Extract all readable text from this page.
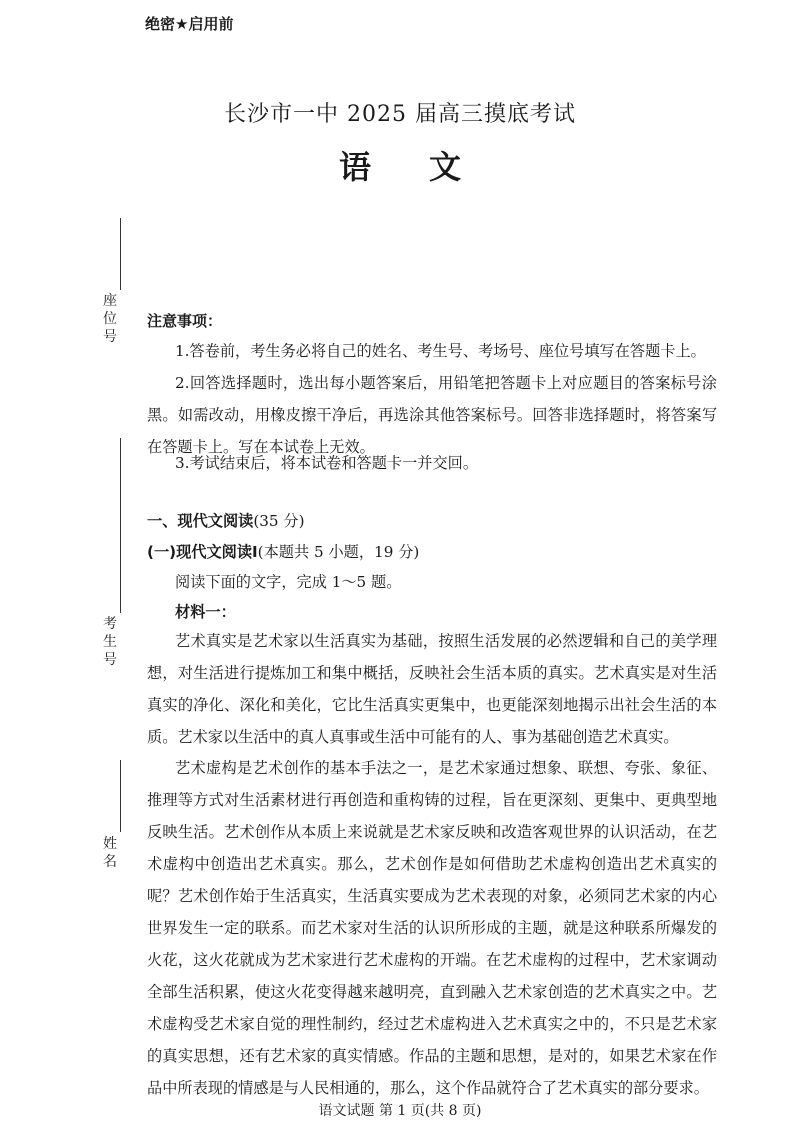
绝密★启用前
长沙市一中 2025 届高三摸底考试
语文
座位号
考生号
姓名
注意事项：
1.答卷前，考生务必将自己的姓名、考生号、考场号、座位号填写在答题卡上。
2.回答选择题时，选出每小题答案后，用铅笔把答题卡上对应题目的答案标号涂黑。如需改动，用橡皮擦干净后，再选涂其他答案标号。回答非选择题时，将答案写在答题卡上。写在本试卷上无效。
3.考试结束后，将本试卷和答题卡一并交回。
一、现代文阅读(35 分)
(一)现代文阅读Ⅰ(本题共 5 小题，19 分)
阅读下面的文字，完成 1～5 题。
材料一：
艺术真实是艺术家以生活真实为基础，按照生活发展的必然逻辑和自己的美学理想，对生活进行提炼加工和集中概括，反映社会生活本质的真实。艺术真实是对生活真实的净化、深化和美化，它比生活真实更集中，也更能深刻地揭示出社会生活的本质。艺术家以生活中的真人真事或生活中可能有的人、事为基础创造艺术真实。
艺术虚构是艺术创作的基本手法之一，是艺术家通过想象、联想、夸张、象征、推理等方式对生活素材进行再创造和重构铸的过程，旨在更深刻、更集中、更典型地反映生活。艺术创作从本质上来说就是艺术家反映和改造客观世界的认识活动，在艺术虚构中创造出艺术真实。那么，艺术创作是如何借助艺术虚构创造出艺术真实的呢？艺术创作始于生活真实，生活真实要成为艺术表现的对象，必须同艺术家的内心世界发生一定的联系。而艺术家对生活的认识所形成的主题，就是这种联系所爆发的火花，这火花就成为艺术家进行艺术虚构的开端。在艺术虚构的过程中，艺术家调动全部生活积累，使这火花变得越来越明亮，直到融入艺术家创造的艺术真实之中。艺术虚构受艺术家自觉的理性制约，经过艺术虚构进入艺术真实之中的，不只是艺术家的真实思想，还有艺术家的真实情感。作品的主题和思想，是对的，如果艺术家在作品中所表现的情感是与人民相通的，那么，这个作品就符合了艺术真实的部分要求。
语文试题 第 1 页(共 8 页)
